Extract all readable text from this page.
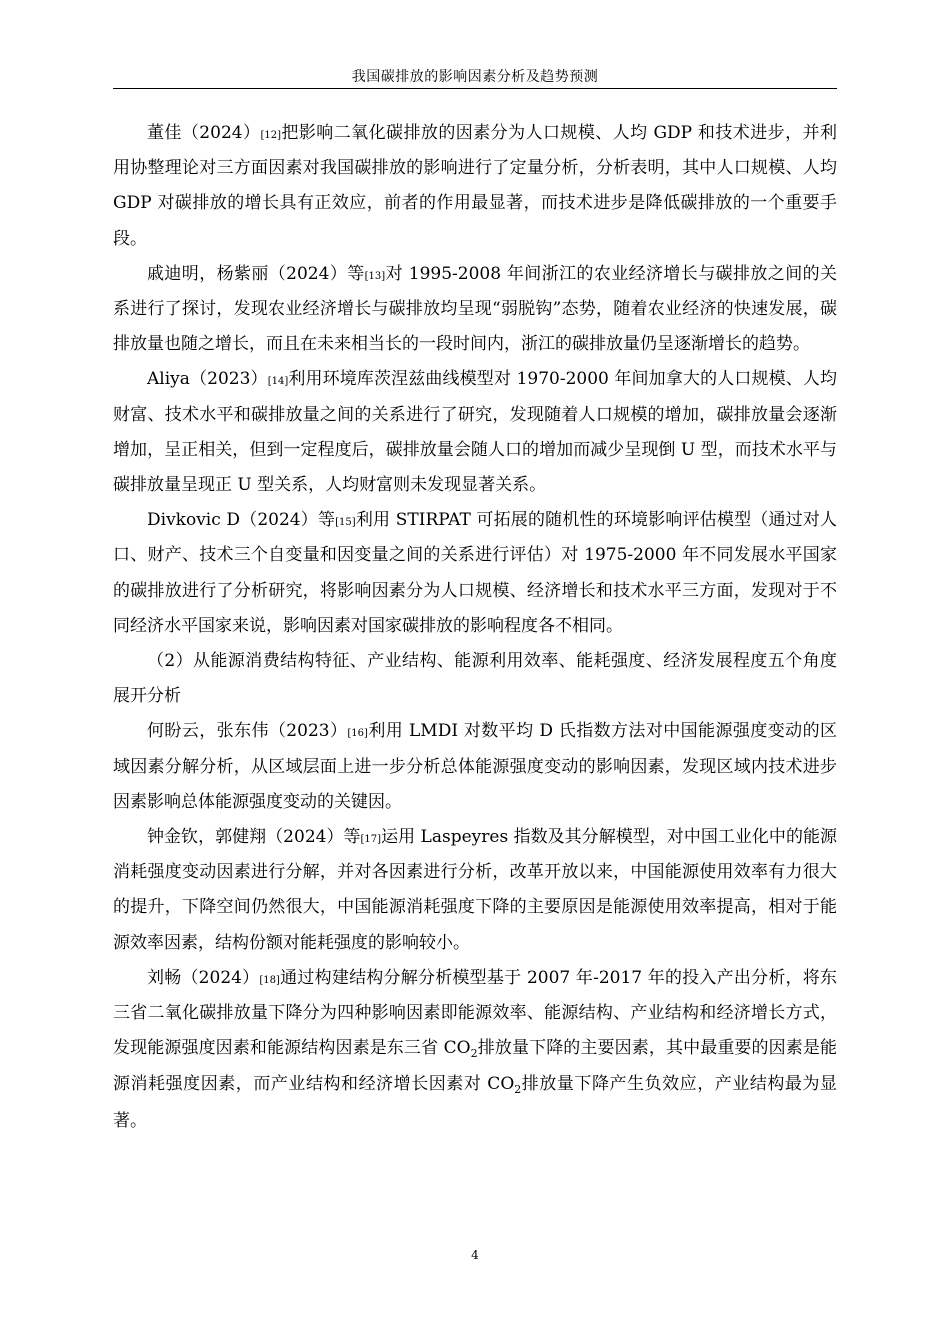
我国碳排放的影响因素分析及趋势预测

董佳（2024）[12]把影响二氧化碳排放的因素分为人口规模、人均 GDP 和技术进步，并利用协整理论对三方面因素对我国碳排放的影响进行了定量分析，分析表明，其中人口规模、人均 GDP 对碳排放的增长具有正效应，前者的作用最显著，而技术进步是降低碳排放的一个重要手段。

戚迪明，杨紫丽（2024）等[13]对 1995-2008 年间浙江的农业经济增长与碳排放之间的关系进行了探讨，发现农业经济增长与碳排放均呈现“弱脱钩”态势，随着农业经济的快速发展，碳排放量也随之增长，而且在未来相当长的一段时间内，浙江的碳排放量仍呈逐渐增长的趋势。

Aliya（2023）[14]利用环境库茨涅兹曲线模型对 1970-2000 年间加拿大的人口规模、人均财富、技术水平和碳排放量之间的关系进行了研究，发现随着人口规模的增加，碳排放量会逐渐增加，呈正相关，但到一定程度后，碳排放量会随人口的增加而减少呈现倒 U 型，而技术水平与碳排放量呈现正 U 型关系，人均财富则未发现显著关系。

Divkovic D（2024）等[15]利用 STIRPAT 可拓展的随机性的环境影响评估模型（通过对人口、财产、技术三个自变量和因变量之间的关系进行评估）对 1975-2000 年不同发展水平国家的碳排放进行了分析研究，将影响因素分为人口规模、经济增长和技术水平三方面，发现对于不同经济水平国家来说，影响因素对国家碳排放的影响程度各不相同。

（2）从能源消费结构特征、产业结构、能源利用效率、能耗强度、经济发展程度五个角度展开分析

何盼云，张东伟（2023）[16]利用 LMDI 对数平均 D 氏指数方法对中国能源强度变动的区域因素分解分析，从区域层面上进一步分析总体能源强度变动的影响因素，发现区域内技术进步因素影响总体能源强度变动的关键因。

钟金钦，郭健翔（2024）等[17]运用 Laspeyres 指数及其分解模型，对中国工业化中的能源消耗强度变动因素进行分解，并对各因素进行分析，改革开放以来，中国能源使用效率有力很大的提升，下降空间仍然很大，中国能源消耗强度下降的主要原因是能源使用效率提高，相对于能源效率因素，结构份额对能耗强度的影响较小。

刘畅（2024）[18]通过构建结构分解分析模型基于 2007 年-2017 年的投入产出分析，将东三省二氧化碳排放量下降分为四种影响因素即能源效率、能源结构、产业结构和经济增长方式，发现能源强度因素和能源结构因素是东三省 $CO_2$排放量下降的主要因素，其中最重要的因素是能源消耗强度因素，而产业结构和经济增长因素对 $CO_2$排放量下降产生负效应，产业结构最为显著。

4
